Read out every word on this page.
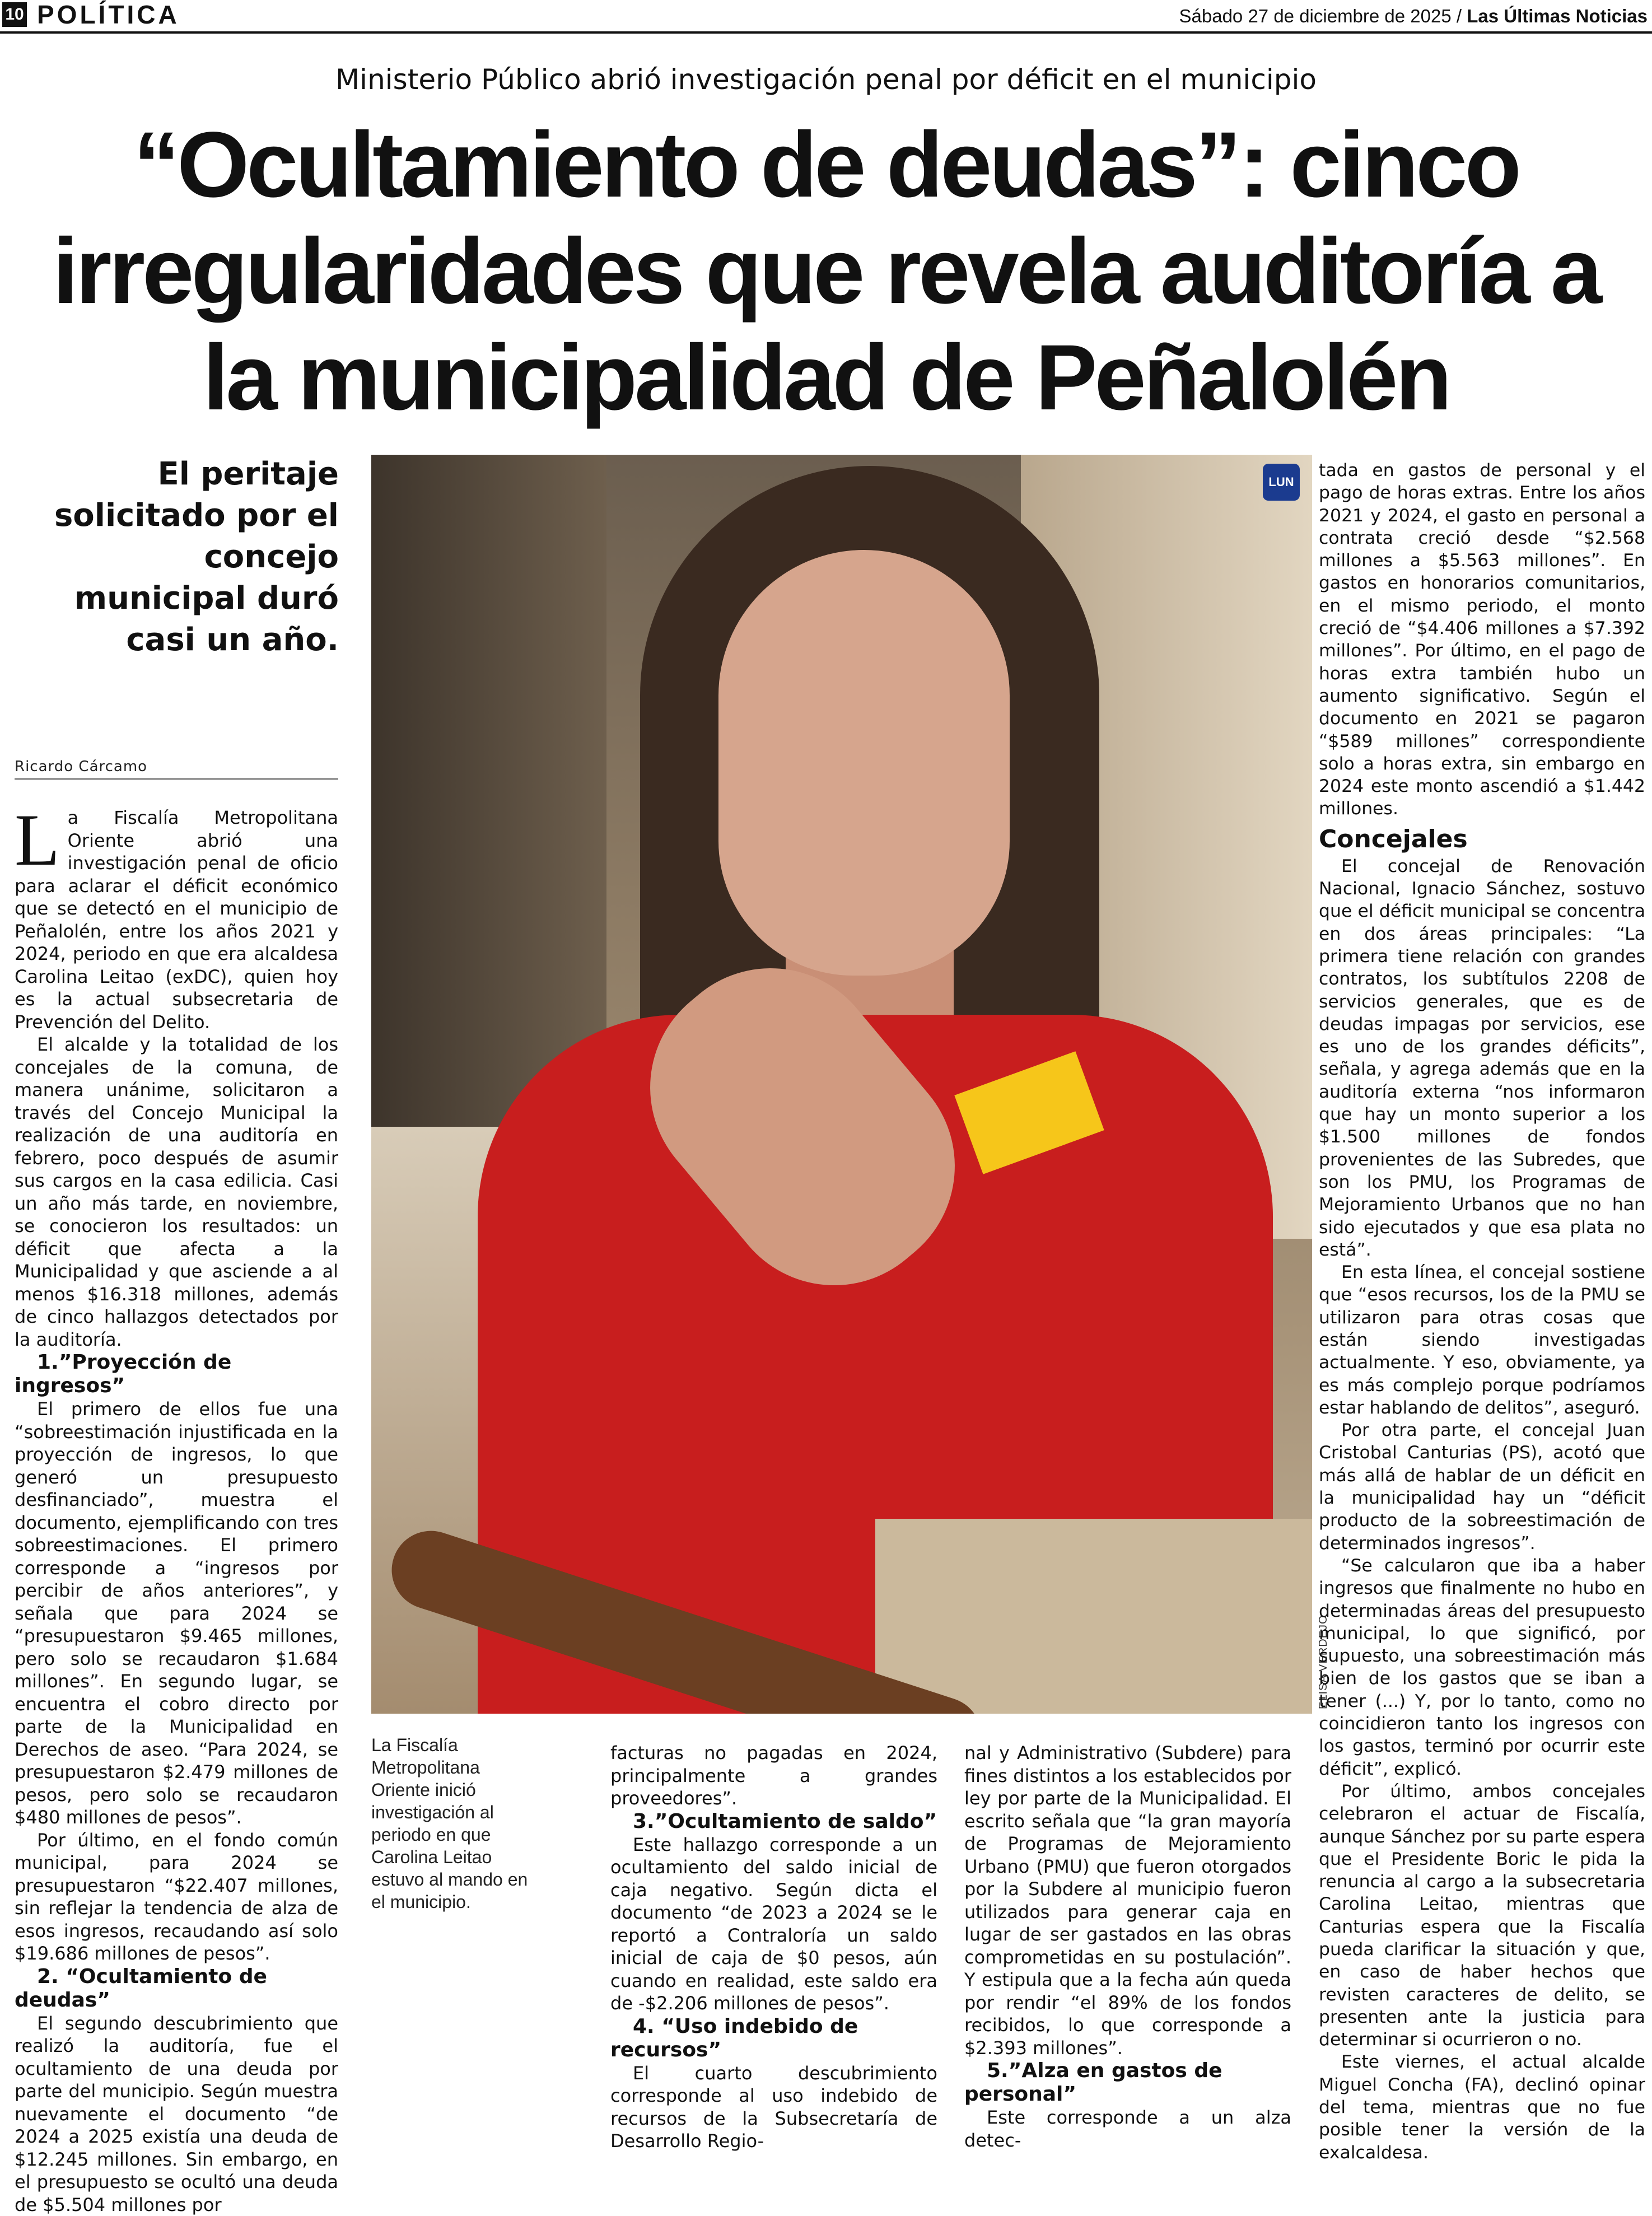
10 POLÍTICA	Sábado 27 de diciembre de 2025 / Las Últimas Noticias
Ministerio Público abrió investigación penal por déficit en el municipio
“Ocultamiento de deudas”: cinco irregularidades que revela auditoría a la municipalidad de Peñalolén
El peritaje solicitado por el concejo municipal duró casi un año.
Ricardo Cárcamo

La Fiscalía Metropolitana Oriente abrió una investigación penal de oficio para aclarar el déficit económico que se detectó en el municipio de Peñalolén, entre los años 2021 y 2024, periodo en que era alcaldesa Carolina Leitao (exDC), quien hoy es la actual subsecretaria de Prevención del Delito.

El alcalde y la totalidad de los concejales de la comuna, de manera unánime, solicitaron a través del Concejo Municipal la realización de una auditoría en febrero, poco después de asumir sus cargos en la casa edilicia. Casi un año más tarde, en noviembre, se conocieron los resultados: un déficit que afecta a la Municipalidad y que asciende a al menos $16.318 millones, además de cinco hallazgos detectados por la auditoría.

1.”Proyección de ingresos”

El primero de ellos fue una “sobreestimación injustificada en la proyección de ingresos, lo que generó un presupuesto desfinanciado”, muestra el documento, ejemplificando con tres sobreestimaciones. El primero corresponde a “ingresos por percibir de años anteriores”, y señala que para 2024 se “presupuestaron $9.465 millones, pero solo se recaudaron $1.684 millones”. En segundo lugar, se encuentra el cobro directo por parte de la Municipalidad en Derechos de aseo. “Para 2024, se presupuestaron $2.479 millones de pesos, pero solo se recaudaron $480 millones de pesos”.

Por último, en el fondo común municipal, para 2024 se presupuestaron “$22.407 millones, sin reflejar la tendencia de alza de esos ingresos, recaudando así solo $19.686 millones de pesos”.

2. “Ocultamiento de deudas”

El segundo descubrimiento que realizó la auditoría, fue el ocultamiento de una deuda por parte del municipio. Según muestra nuevamente el documento “de 2024 a 2025 existía una deuda de $12.245 millones. Sin embargo, en el presupuesto se ocultó una deuda de $5.504 millones por

LUN
ELISA VERDEJO
La Fiscalía Metropolitana Oriente inició investigación al periodo en que Carolina Leitao estuvo al mando en el municipio.

facturas no pagadas en 2024, principalmente a grandes proveedores”.

3.”Ocultamiento de saldo”

Este hallazgo corresponde a un ocultamiento del saldo inicial de caja negativo. Según dicta el documento “de 2023 a 2024 se le reportó a Contraloría un saldo inicial de caja de $0 pesos, aún cuando en realidad, este saldo era de -$2.206 millones de pesos”.

4. “Uso indebido de recursos”

El cuarto descubrimiento corresponde al uso indebido de recursos de la Subsecretaría de Desarrollo Regio-

nal y Administrativo (Subdere) para fines distintos a los establecidos por ley por parte de la Municipalidad. El escrito señala que “la gran mayoría de Programas de Mejoramiento Urbano (PMU) que fueron otorgados por la Subdere al municipio fueron utilizados para generar caja en lugar de ser gastados en las obras comprometidas en su postulación”. Y estipula que a la fecha aún queda por rendir “el 89% de los fondos recibidos, lo que corresponde a $2.393 millones”.

5.”Alza en gastos de personal”

Este corresponde a un alza detec-

tada en gastos de personal y el pago de horas extras. Entre los años 2021 y 2024, el gasto en personal a contrata creció desde “$2.568 millones a $5.563 millones”. En gastos en honorarios comunitarios, en el mismo periodo, el monto creció de “$4.406 millones a $7.392 millones”. Por último, en el pago de horas extra también hubo un aumento significativo. Según el documento en 2021 se pagaron “$589 millones” correspondiente solo a horas extra, sin embargo en 2024 este monto ascendió a $1.442 millones.

Concejales

El concejal de Renovación Nacional, Ignacio Sánchez, sostuvo que el déficit municipal se concentra en dos áreas principales: “La primera tiene relación con grandes contratos, los subtítulos 2208 de servicios generales, que es de deudas impagas por servicios, ese es uno de los grandes déficits”, señala, y agrega además que en la auditoría externa “nos informaron que hay un monto superior a los $1.500 millones de fondos provenientes de las Subredes, que son los PMU, los Programas de Mejoramiento Urbanos que no han sido ejecutados y que esa plata no está”.

En esta línea, el concejal sostiene que “esos recursos, los de la PMU se utilizaron para otras cosas que están siendo investigadas actualmente. Y eso, obviamente, ya es más complejo porque podríamos estar hablando de delitos”, aseguró.

Por otra parte, el concejal Juan Cristobal Canturias (PS), acotó que más allá de hablar de un déficit en la municipalidad hay un “déficit producto de la sobreestimación de determinados ingresos”.

“Se calcularon que iba a haber ingresos que finalmente no hubo en determinadas áreas del presupuesto municipal, lo que significó, por supuesto, una sobreestimación más bien de los gastos que se iban a tener (...) Y, por lo tanto, como no coincidieron tanto los ingresos con los gastos, terminó por ocurrir este déficit”, explicó.

Por último, ambos concejales celebraron el actuar de Fiscalía, aunque Sánchez por su parte espera que el Presidente Boric le pida la renuncia al cargo a la subsecretaria Carolina Leitao, mientras que Canturias espera que la Fiscalía pueda clarificar la situación y que, en caso de haber hechos que revisten caracteres de delito, se presenten ante la justicia para determinar si ocurrieron o no.

Este viernes, el actual alcalde Miguel Concha (FA), declinó opinar del tema, mientras que no fue posible tener la versión de la exalcaldesa.
